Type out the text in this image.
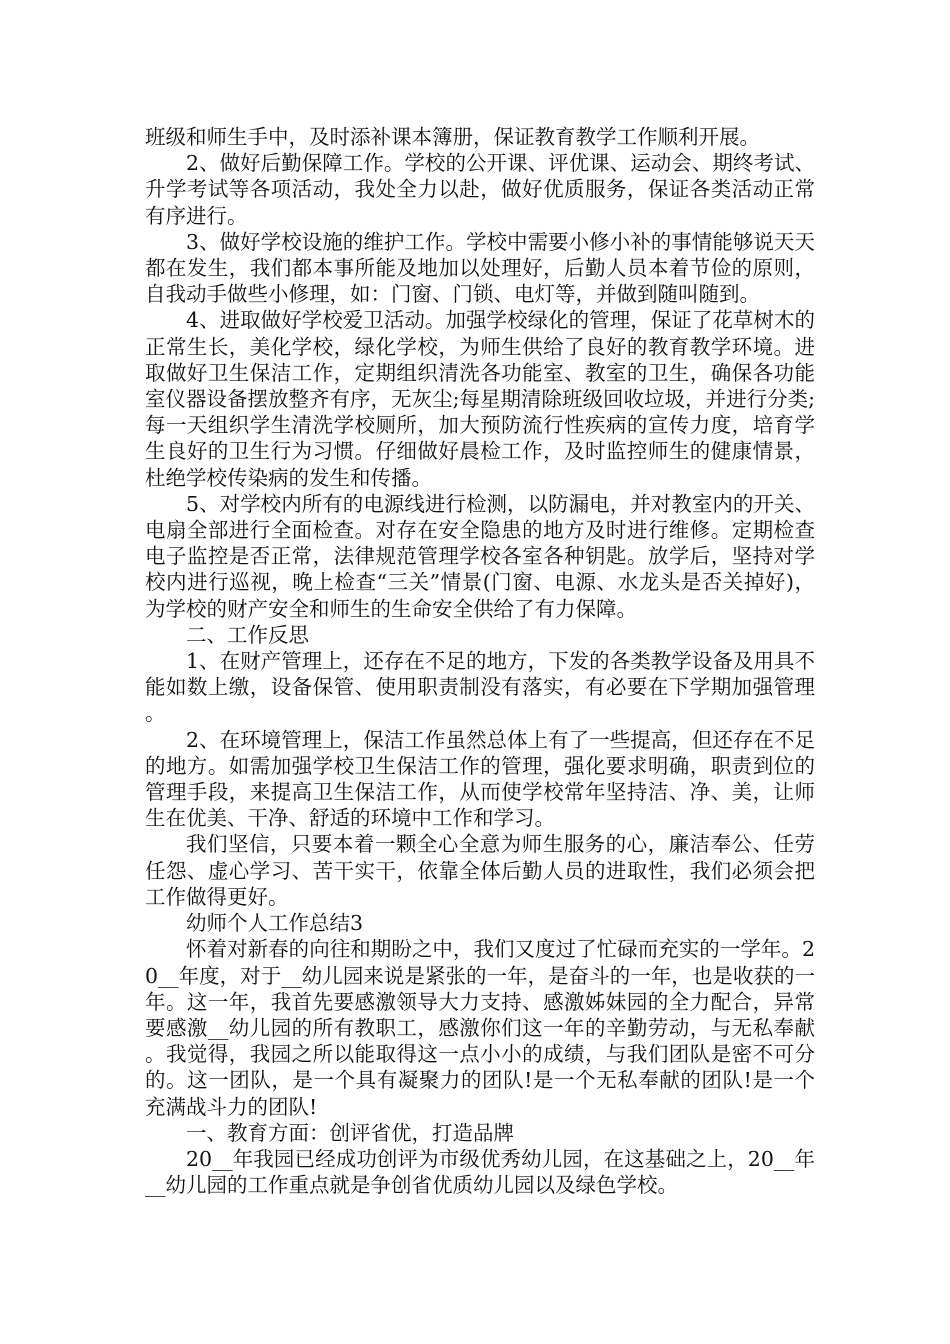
班级和师生手中，及时添补课本簿册，保证教育教学工作顺利开展。

2、做好后勤保障工作。学校的公开课、评优课、运动会、期终考试、升学考试等各项活动，我处全力以赴，做好优质服务，保证各类活动正常有序进行。

3、做好学校设施的维护工作。学校中需要小修小补的事情能够说天天都在发生，我们都本事所能及地加以处理好，后勤人员本着节俭的原则，自我动手做些小修理，如：门窗、门锁、电灯等，并做到随叫随到。

4、进取做好学校爱卫活动。加强学校绿化的管理，保证了花草树木的正常生长，美化学校，绿化学校，为师生供给了良好的教育教学环境。进取做好卫生保洁工作，定期组织清洗各功能室、教室的卫生，确保各功能室仪器设备摆放整齐有序，无灰尘;每星期清除班级回收垃圾，并进行分类;每一天组织学生清洗学校厕所，加大预防流行性疾病的宣传力度，培育学生良好的卫生行为习惯。仔细做好晨检工作，及时监控师生的健康情景，杜绝学校传染病的发生和传播。

5、对学校内所有的电源线进行检测，以防漏电，并对教室内的开关、电扇全部进行全面检查。对存在安全隐患的地方及时进行维修。定期检查电子监控是否正常，法律规范管理学校各室各种钥匙。放学后，坚持对学校内进行巡视，晚上检查“三关”情景(门窗、电源、水龙头是否关掉好)，为学校的财产安全和师生的生命安全供给了有力保障。

二、工作反思

1、在财产管理上，还存在不足的地方，下发的各类教学设备及用具不能如数上缴，设备保管、使用职责制没有落实，有必要在下学期加强管理。

2、在环境管理上，保洁工作虽然总体上有了一些提高，但还存在不足的地方。如需加强学校卫生保洁工作的管理，强化要求明确，职责到位的管理手段，来提高卫生保洁工作，从而使学校常年坚持洁、净、美，让师生在优美、干净、舒适的环境中工作和学习。

我们坚信，只要本着一颗全心全意为师生服务的心，廉洁奉公、任劳任怨、虚心学习、苦干实干，依靠全体后勤人员的进取性，我们必须会把工作做得更好。

幼师个人工作总结3

怀着对新春的向往和期盼之中，我们又度过了忙碌而充实的一学年。20__年度，对于__幼儿园来说是紧张的一年，是奋斗的一年，也是收获的一年。这一年，我首先要感激领导大力支持、感激姊妹园的全力配合，异常要感激__幼儿园的所有教职工，感激你们这一年的辛勤劳动，与无私奉献。我觉得，我园之所以能取得这一点小小的成绩，与我们团队是密不可分的。这一团队，是一个具有凝聚力的团队!是一个无私奉献的团队!是一个充满战斗力的团队!

一、教育方面：创评省优，打造品牌

20__年我园已经成功创评为市级优秀幼儿园，在这基础之上，20__年__幼儿园的工作重点就是争创省优质幼儿园以及绿色学校。
